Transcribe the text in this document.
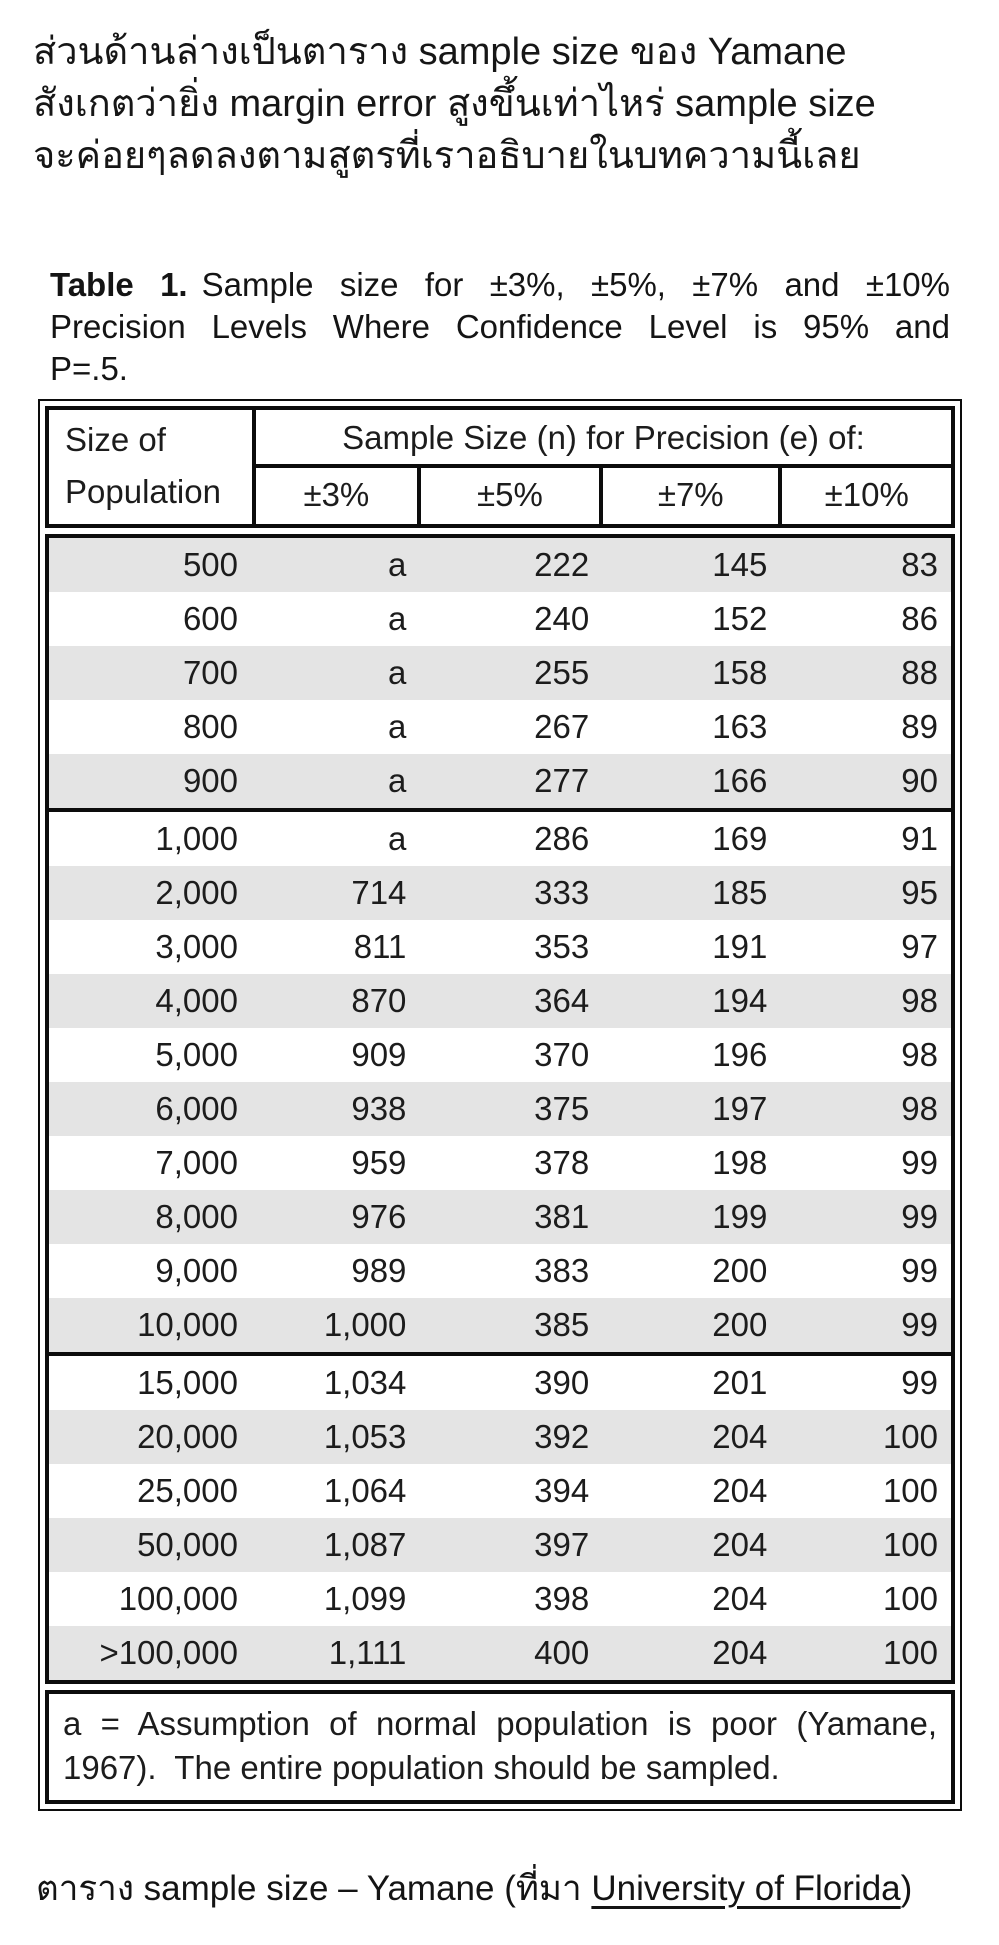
ส่วนด้านล่างเป็นตาราง sample size ของ Yamane
สังเกตว่ายิ่ง margin error สูงขึ้นเท่าไหร่ sample size
จะค่อยๆลดลงตามสูตรที่เราอธิบายในบทความนี้เลย
Table 1. Sample size for ±3%, ±5%, ±7% and ±10%
Precision Levels Where Confidence Level is 95% and
P=.5.
Size of
Population
Sample Size (n) for Precision (e) of:
±3%	±5%	±7%	±10%
500	a	222	145	83
600	a	240	152	86
700	a	255	158	88
800	a	267	163	89
900	a	277	166	90
1,000	a	286	169	91
2,000	714	333	185	95
3,000	811	353	191	97
4,000	870	364	194	98
5,000	909	370	196	98
6,000	938	375	197	98
7,000	959	378	198	99
8,000	976	381	199	99
9,000	989	383	200	99
10,000	1,000	385	200	99
15,000	1,034	390	201	99
20,000	1,053	392	204	100
25,000	1,064	394	204	100
50,000	1,087	397	204	100
100,000	1,099	398	204	100
>100,000	1,111	400	204	100
a = Assumption of normal population is poor (Yamane,
1967).  The entire population should be sampled.
ตาราง sample size – Yamane (ที่มา University of Florida)
